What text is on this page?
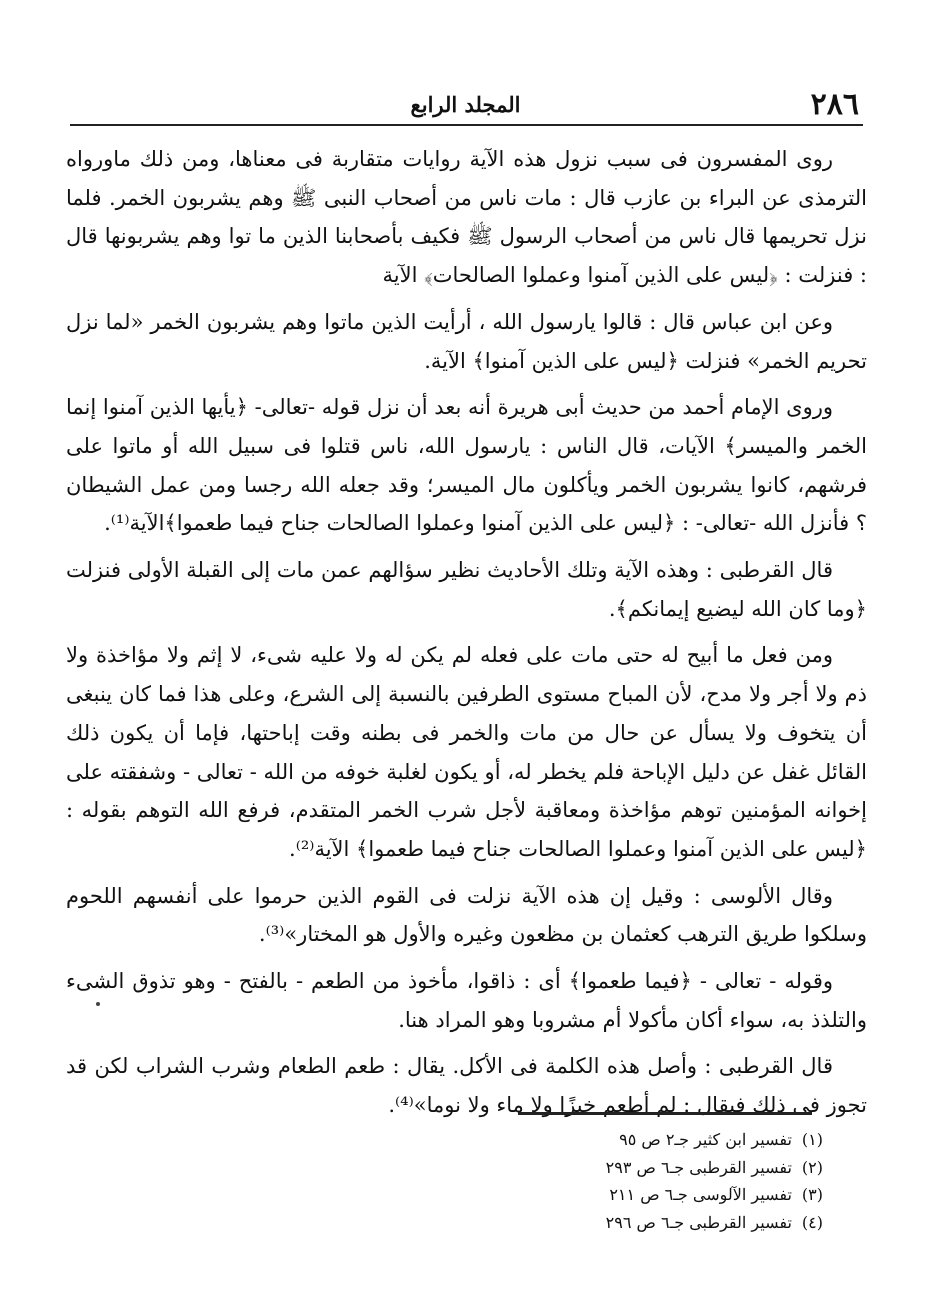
٢٨٦
المجلد الرابع

روى المفسرون فى سبب نزول هذه الآية روايات متقاربة فى معناها، ومن ذلك ماورواه الترمذى عن البراء بن عازب قال : مات ناس من أصحاب النبى ﷺ وهم يشربون الخمر. فلما نزل تحريمها قال ناس من أصحاب الرسول ﷺ فكيف بأصحابنا الذين ما توا وهم يشربونها قال : فنزلت : ﴿ليس على الذين آمنوا وعملوا الصالحات﴾ الآية

وعن ابن عباس قال : قالوا يارسول الله ، أرأيت الذين ماتوا وهم يشربون الخمر «لما نزل تحريم الخمر» فنزلت ﴿ليس على الذين آمنوا﴾ الآية.

وروى الإمام أحمد من حديث أبى هريرة أنه بعد أن نزل قوله -تعالى- ﴿يأيها الذين آمنوا إنما الخمر والميسر﴾ الآيات، قال الناس : يارسول الله، ناس قتلوا فى سبيل الله أو ماتوا على فرشهم، كانوا يشربون الخمر ويأكلون مال الميسر؛ وقد جعله الله رجسا ومن عمل الشيطان ؟ فأنزل الله -تعالى- : ﴿ليس على الذين آمنوا وعملوا الصالحات جناح فيما طعموا﴾الآية⁽¹⁾.

قال القرطبى : وهذه الآية وتلك الأحاديث نظير سؤالهم عمن مات إلى القبلة الأولى فنزلت ﴿وما كان الله ليضيع إيمانكم﴾.

ومن فعل ما أبيح له حتى مات على فعله لم يكن له ولا عليه شىء، لا إثم ولا مؤاخذة ولا ذم ولا أجر ولا مدح، لأن المباح مستوى الطرفين بالنسبة إلى الشرع، وعلى هذا فما كان ينبغى أن يتخوف ولا يسأل عن حال من مات والخمر فى بطنه وقت إباحتها، فإما أن يكون ذلك القائل غفل عن دليل الإباحة فلم يخطر له، أو يكون لغلبة خوفه من الله - تعالى - وشفقته على إخوانه المؤمنين توهم مؤاخذة ومعاقبة لأجل شرب الخمر المتقدم، فرفع الله التوهم بقوله : ﴿ليس على الذين آمنوا وعملوا الصالحات جناح فيما طعموا﴾ الآية⁽²⁾.

وقال الألوسى : وقيل إن هذه الآية نزلت فى القوم الذين حرموا على أنفسهم اللحوم وسلكوا طريق الترهب كعثمان بن مظعون وغيره والأول هو المختار»⁽³⁾.

وقوله - تعالى - ﴿فيما طعموا﴾ أى : ذاقوا، مأخوذ من الطعم - بالفتح - وهو تذوق الشىء والتلذذ به، سواء أكان مأكولا أم مشروبا وهو المراد هنا.

قال القرطبى : وأصل هذه الكلمة فى الأكل. يقال : طعم الطعام وشرب الشراب لكن قد تجوز فى ذلك فيقال : لم أطعم خبزًا ولا ماء ولا نوما»⁽⁴⁾.

(١)تفسير ابن كثير جـ٢ ص ٩٥
(٢)تفسير القرطبى جـ٦ ص ٢٩٣
(٣)تفسير الآلوسى جـ٦ ص ٢١١
(٤)تفسير القرطبى جـ٦ ص ٢٩٦
